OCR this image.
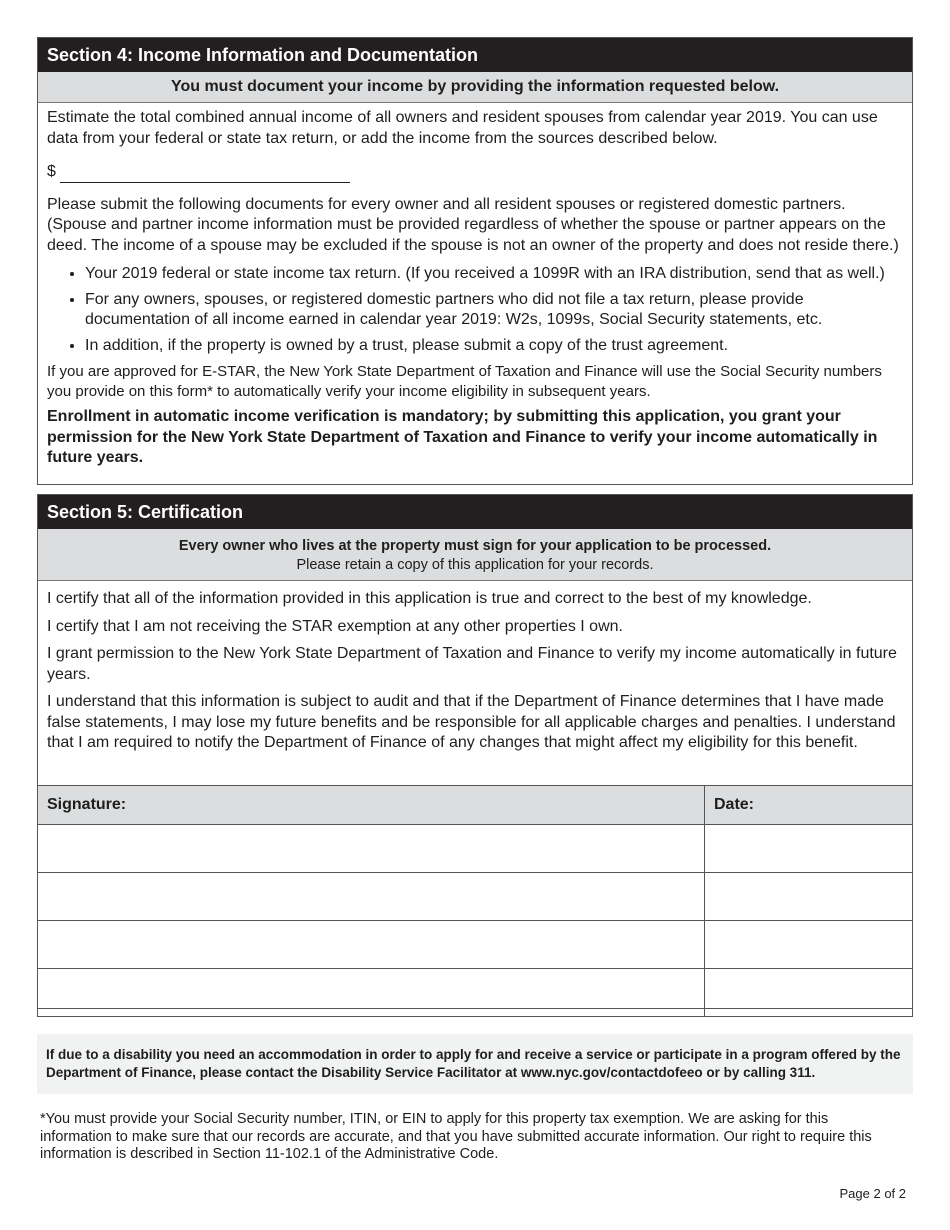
Section 4: Income Information and Documentation
You must document your income by providing the information requested below.

Estimate the total combined annual income of all owners and resident spouses from calendar year 2019. You can use data from your federal or state tax return, or add the income from the sources described below.

$

Please submit the following documents for every owner and all resident spouses or registered domestic partners. (Spouse and partner income information must be provided regardless of whether the spouse or partner appears on the deed. The income of a spouse may be excluded if the spouse is not an owner of the property and does not reside there.)

• Your 2019 federal or state income tax return. (If you received a 1099R with an IRA distribution, send that as well.)
• For any owners, spouses, or registered domestic partners who did not file a tax return, please provide documentation of all income earned in calendar year 2019: W2s, 1099s, Social Security statements, etc.
• In addition, if the property is owned by a trust, please submit a copy of the trust agreement.

If you are approved for E-STAR, the New York State Department of Taxation and Finance will use the Social Security numbers you provide on this form* to automatically verify your income eligibility in subsequent years.

Enrollment in automatic income verification is mandatory; by submitting this application, you grant your permission for the New York State Department of Taxation and Finance to verify your income automatically in future years.

Section 5: Certification
Every owner who lives at the property must sign for your application to be processed.
Please retain a copy of this application for your records.

I certify that all of the information provided in this application is true and correct to the best of my knowledge.

I certify that I am not receiving the STAR exemption at any other properties I own.

I grant permission to the New York State Department of Taxation and Finance to verify my income automatically in future years.

I understand that this information is subject to audit and that if the Department of Finance determines that I have made false statements, I may lose my future benefits and be responsible for all applicable charges and penalties. I understand that I am required to notify the Department of Finance of any changes that might affect my eligibility for this benefit.

Signature:	Date:

If due to a disability you need an accommodation in order to apply for and receive a service or participate in a program offered by the Department of Finance, please contact the Disability Service Facilitator at www.nyc.gov/contactdofeeo or by calling 311.
*You must provide your Social Security number, ITIN, or EIN to apply for this property tax exemption. We are asking for this information to make sure that our records are accurate, and that you have submitted accurate information. Our right to require this information is described in Section 11-102.1 of the Administrative Code.
Page 2 of 2
